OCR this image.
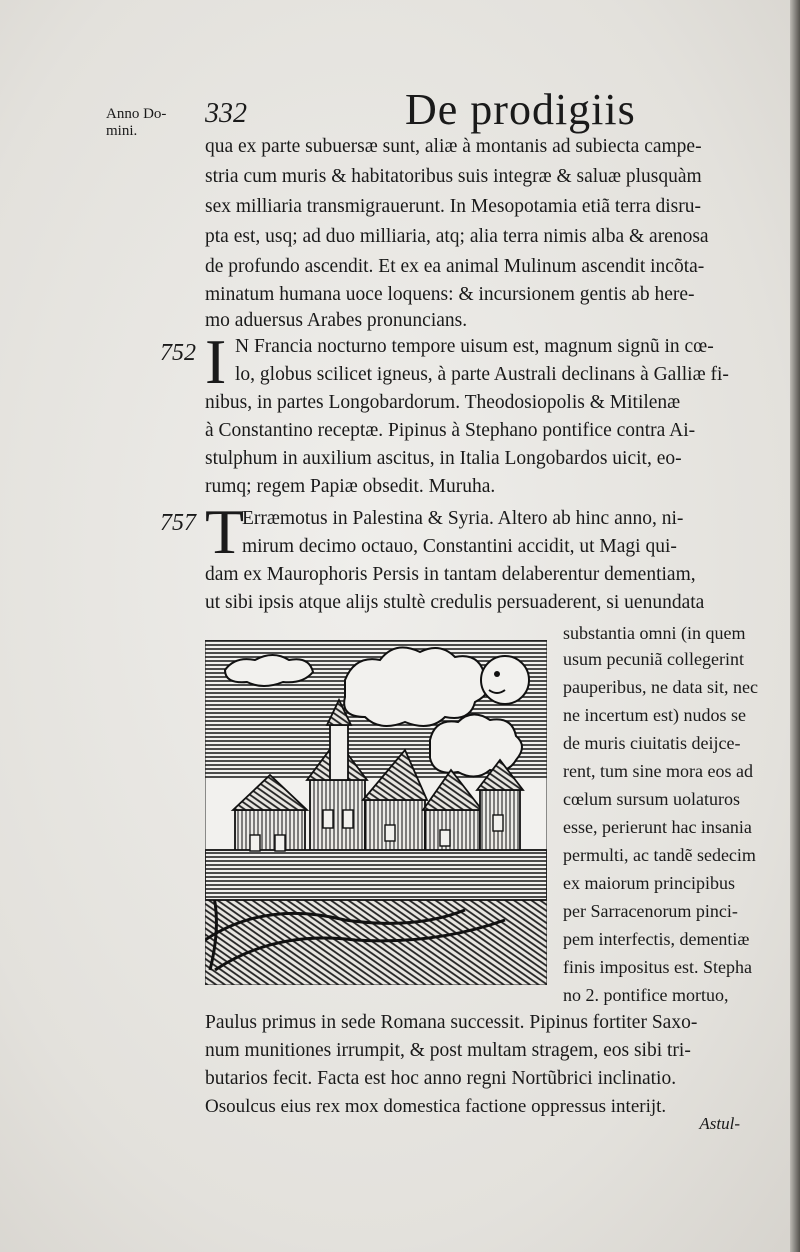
Anno Do-
mini.
332	De prodigiis
qua ex parte subuersæ sunt, aliæ à montanis ad subiecta campe-
stria cum muris & habitatoribus suis integræ & saluæ plusquàm
sex milliaria transmigrauerunt. In Mesopotamia etiã terra disru-
pta est, usq; ad duo milliaria, atq; alia terra nimis alba & arenosa
de profundo ascendit. Et ex ea animal Mulinum ascendit incõta-
minatum humana uoce loquens: & incursionem gentis ab here-
mo aduersus Arabes pronuncians.
752 I N Francia nocturno tempore uisum est, magnum signũ in cœ-
lo, globus scilicet igneus, à parte Australi declinans à Galliæ fi-
nibus, in partes Longobardorum. Theodosiopolis & Mitilenæ
à Constantino receptæ. Pipinus à Stephano pontifice contra Ai-
stulphum in auxilium ascitus, in Italia Longobardos uicit, eo-
rumq; regem Papiæ obsedit. Muruha.
757 T
Erræmotus in Palestina & Syria. Altero ab hinc anno, ni-
mirum decimo octauo, Constantini accidit, ut Magi qui-
dam ex Maurophoris Persis in tantam delaberentur dementiam,
ut sibi ipsis atque alijs stultè credulis persuaderent, si uenundata
substantia omni (in quem
usum pecuniã collegerint
pauperibus, ne data sit, nec
ne incertum est) nudos se
de muris ciuitatis deijce-
rent, tum sine mora eos ad
cœlum sursum uolaturos
esse, perierunt hac insania
permulti, ac tandẽ sedecim
ex maiorum principibus
per Sarracenorum pinci-
pem interfectis, dementiæ
finis impositus est. Stepha
no 2. pontifice mortuo,
Paulus primus in sede Romana successit. Pipinus fortiter Saxo-
num munitiones irrumpit, & post multam stragem, eos sibi tri-
butarios fecit. Facta est hoc anno regni Nortũbrici inclinatio.
Osoulcus eius rex mox domestica factione oppressus interijt.
Astul-
